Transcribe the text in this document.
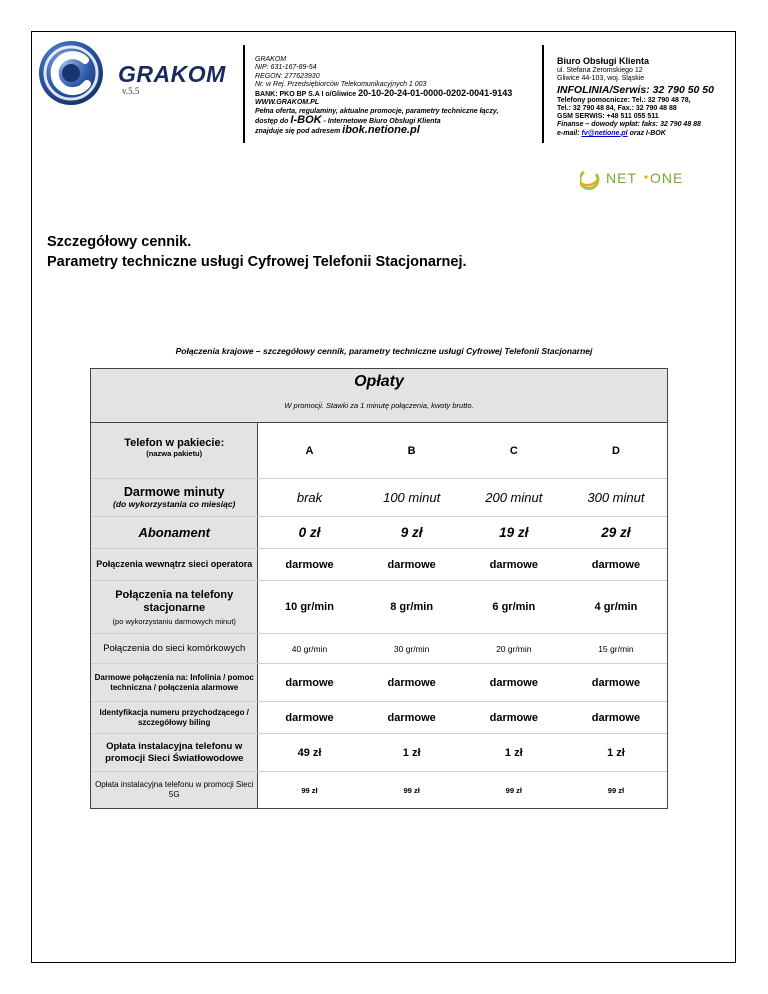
GRAKOM
v.5.5
GRAKOM
NIP: 631-167-89-54
REGON: 277623930
Nr. w Rej. Przedsiębiorców Telekomunikacyjnych 1 003
BANK: PKO BP S.A I o/Gliwice 20-10-20-24-01-0000-0202-0041-9143
WWW.GRAKOM.PL
Pełna oferta, regulaminy, aktualne promocje, parametry techniczne łączy,
dostęp do I-BOK - Internetowe Biuro Obsługi Klienta
znajduje się pod adresem ibok.netione.pl
Biuro Obsługi Klienta
ul. Stefana Żeromskiego 12
Gliwice 44-103, woj. Śląskie
INFOLINIA/Serwis: 32 790 50 50
Telefony pomocnicze: Tel.: 32 790 48 78,
Tel.: 32 790 48 84, Fax.: 32 790 48 88
GSM SERWIS: +48 511 055 511
Finanse – dowody wpłat: faks: 32 790 48 88
e-mail: fv@netione.pl oraz I-BOK
NET ONE
Szczegółowy cennik.
Parametry techniczne usługi Cyfrowej Telefonii Stacjonarnej.
Połączenia krajowe – szczegółowy cennik, parametry techniczne usługi Cyfrowej Telefonii Stacjonarnej
Opłaty
W promocji. Stawki za 1 minutę połączenia, kwoty brutto.
Telefon w pakiecie:
(nazwa pakietu)	A	B	C	D
Darmowe minuty
(do wykorzystania co miesiąc)	brak	100 minut	200 minut	300 minut
Abonament	0 zł	9 zł	19 zł	29 zł
Połączenia wewnątrz sieci operatora	darmowe	darmowe	darmowe	darmowe
Połączenia na telefony stacjonarne
(po wykorzystaniu darmowych minut)
10 gr/min	8 gr/min	6 gr/min	4 gr/min
Połączenia do sieci komórkowych	40 gr/min	30 gr/min	20 gr/min	15 gr/min
Darmowe połączenia na: Infolinia / pomoc techniczna / połączenia alarmowe	darmowe	darmowe	darmowe	darmowe
Identyfikacja numeru przychodzącego / szczegółowy biling	darmowe	darmowe	darmowe	darmowe
Opłata instalacyjna telefonu w promocji Sieci Światłowodowe	49 zł	1 zł	1 zł	1 zł
Opłata instalacyjna telefonu w promocji Sieci 5G	99 zł	99 zł	99 zł	99 zł
